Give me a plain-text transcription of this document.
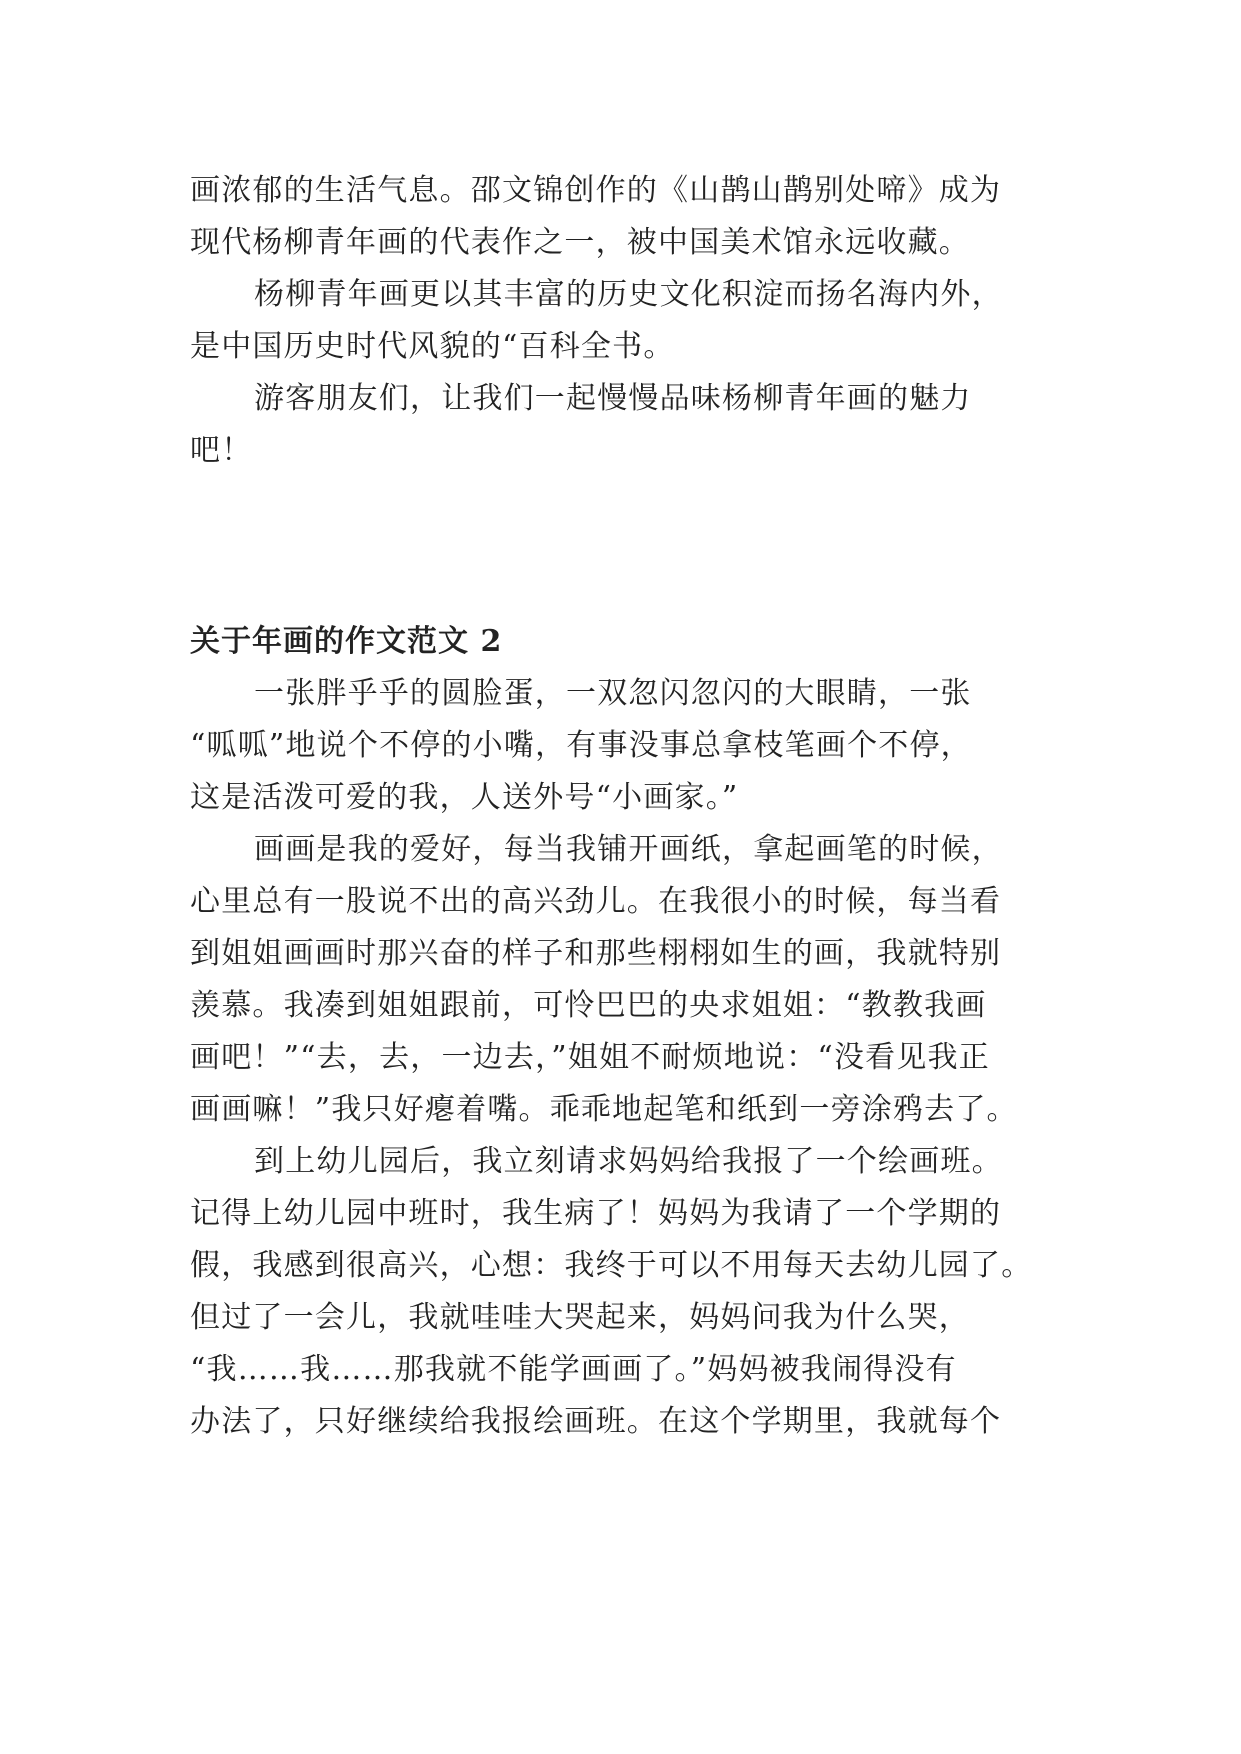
画浓郁的生活气息。邵文锦创作的《山鹊山鹊别处啼》成为
现代杨柳青年画的代表作之一，被中国美术馆永远收藏。
杨柳青年画更以其丰富的历史文化积淀而扬名海内外，
是中国历史时代风貌的“百科全书。
游客朋友们，让我们一起慢慢品味杨柳青年画的魅力
吧！
关于年画的作文范文 2
一张胖乎乎的圆脸蛋，一双忽闪忽闪的大眼睛，一张
“呱呱”地说个不停的小嘴，有事没事总拿枝笔画个不停，
这是活泼可爱的我，人送外号“小画家。”
画画是我的爱好，每当我铺开画纸，拿起画笔的时候，
心里总有一股说不出的高兴劲儿。在我很小的时候，每当看
到姐姐画画时那兴奋的样子和那些栩栩如生的画，我就特别
羡慕。我凑到姐姐跟前，可怜巴巴的央求姐姐：“教教我画
画吧！”“去，去，一边去，”姐姐不耐烦地说：“没看见我正
画画嘛！”我只好瘪着嘴。乖乖地起笔和纸到一旁涂鸦去了。
到上幼儿园后，我立刻请求妈妈给我报了一个绘画班。
记得上幼儿园中班时，我生病了！妈妈为我请了一个学期的
假，我感到很高兴，心想：我终于可以不用每天去幼儿园了。
但过了一会儿，我就哇哇大哭起来，妈妈问我为什么哭，
“我……我……那我就不能学画画了。”妈妈被我闹得没有
办法了，只好继续给我报绘画班。在这个学期里，我就每个
